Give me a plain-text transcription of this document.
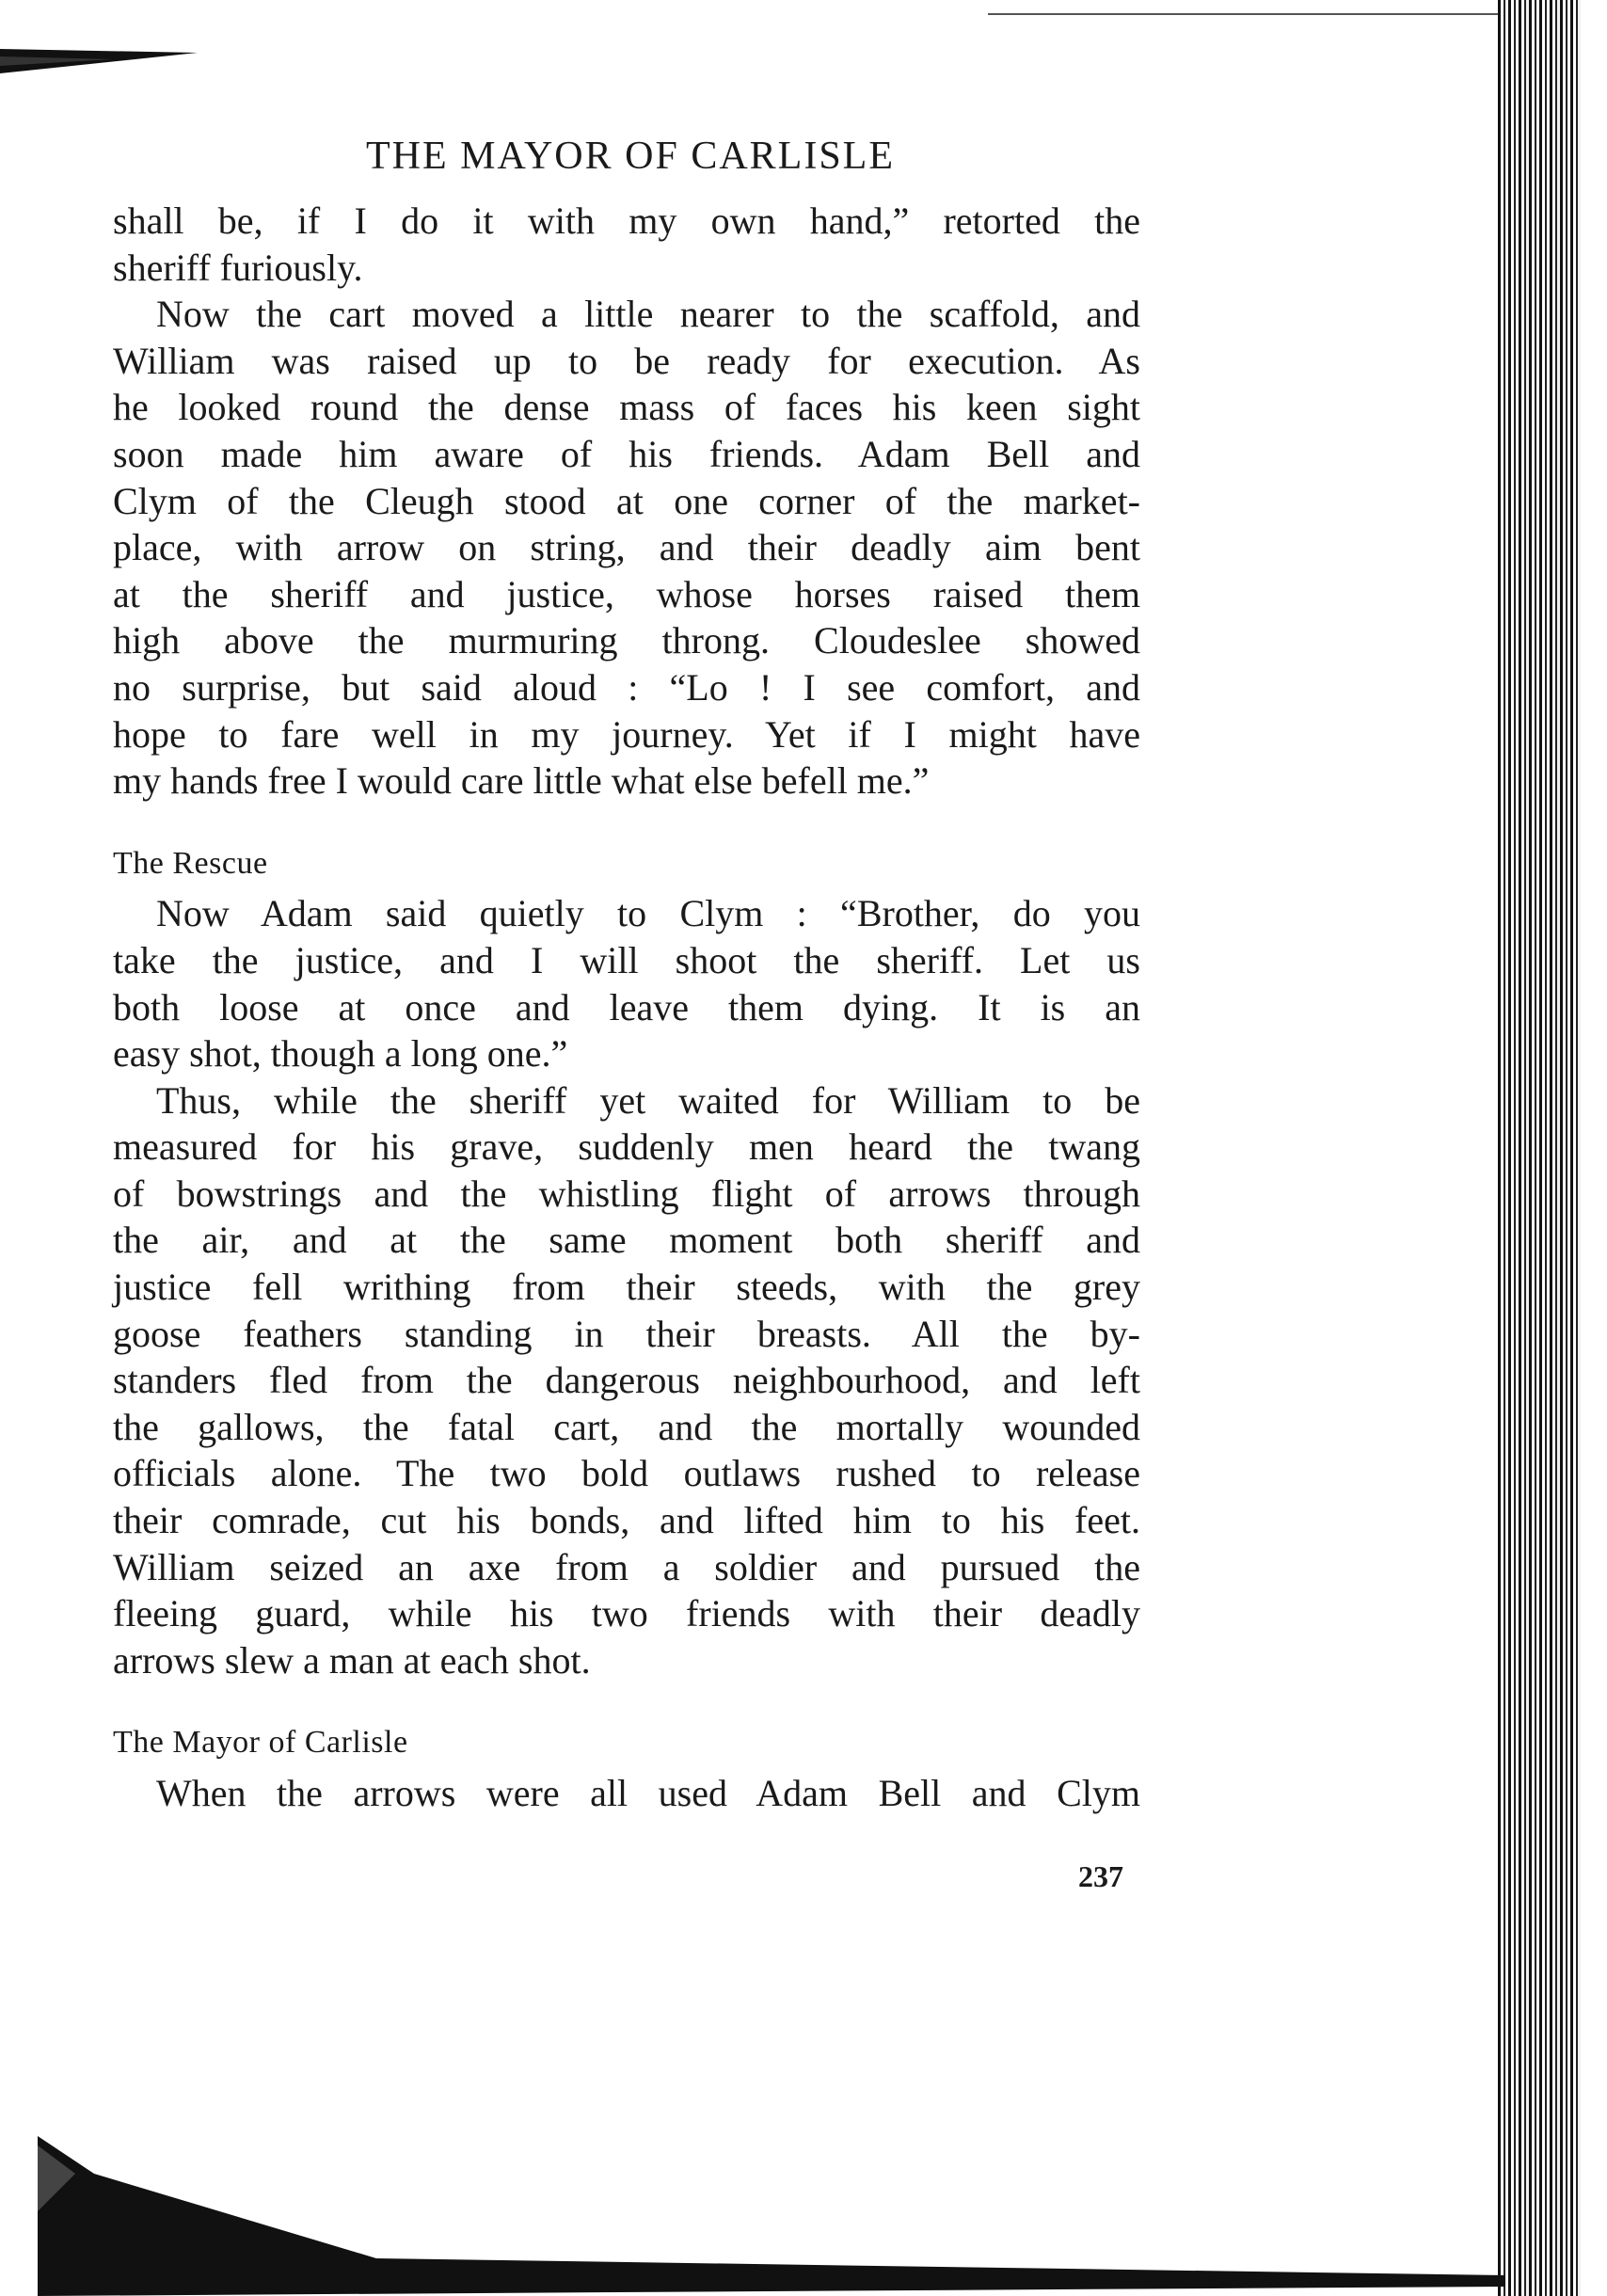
THE MAYOR OF CARLISLE
shall be, if I do it with my own hand,” retorted the
sheriff furiously.
Now the cart moved a little nearer to the scaffold, and
William was raised up to be ready for execution. As
he looked round the dense mass of faces his keen sight
soon made him aware of his friends. Adam Bell and
Clym of the Cleugh stood at one corner of the market-
place, with arrow on string, and their deadly aim bent
at the sheriff and justice, whose horses raised them
high above the murmuring throng. Cloudeslee showed
no surprise, but said aloud : “Lo ! I see comfort, and
hope to fare well in my journey. Yet if I might have
my hands free I would care little what else befell me.”
The Rescue
Now Adam said quietly to Clym : “Brother, do you
take the justice, and I will shoot the sheriff. Let us
both loose at once and leave them dying. It is an
easy shot, though a long one.”
Thus, while the sheriff yet waited for William to be
measured for his grave, suddenly men heard the twang
of bowstrings and the whistling flight of arrows through
the air, and at the same moment both sheriff and
justice fell writhing from their steeds, with the grey
goose feathers standing in their breasts. All the by-
standers fled from the dangerous neighbourhood, and left
the gallows, the fatal cart, and the mortally wounded
officials alone. The two bold outlaws rushed to release
their comrade, cut his bonds, and lifted him to his feet.
William seized an axe from a soldier and pursued the
fleeing guard, while his two friends with their deadly
arrows slew a man at each shot.
The Mayor of Carlisle
When the arrows were all used Adam Bell and Clym
237
